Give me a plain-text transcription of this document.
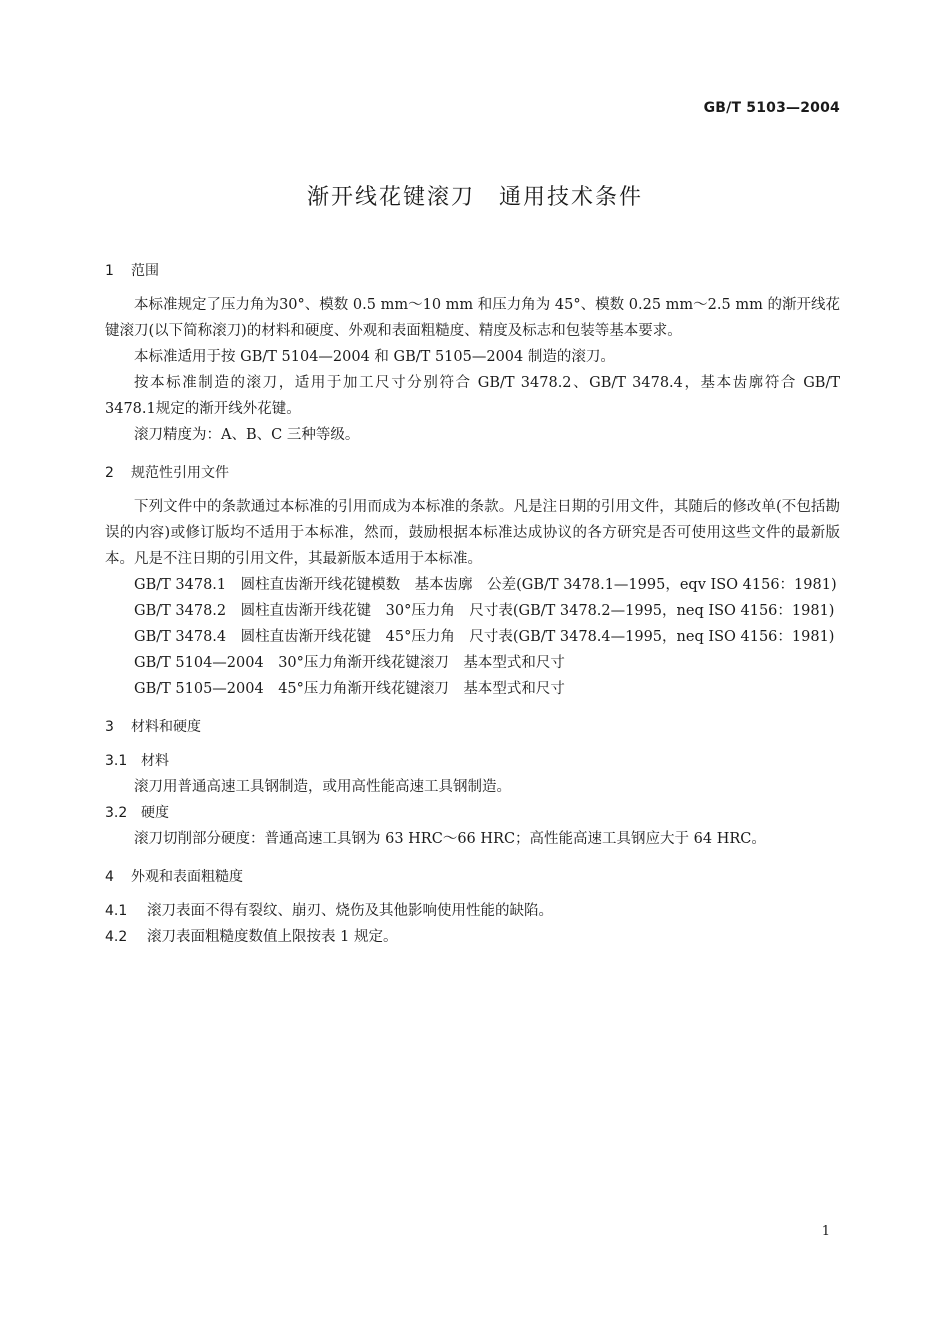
GB/T 5103—2004
渐开线花键滚刀　通用技术条件
1 范围

本标准规定了压力角为30°、模数 0.5 mm～10 mm 和压力角为 45°、模数 0.25 mm～2.5 mm 的渐开线花键滚刀(以下简称滚刀)的材料和硬度、外观和表面粗糙度、精度及标志和包装等基本要求。

本标准适用于按 GB/T 5104—2004 和 GB/T 5105—2004 制造的滚刀。

按本标准制造的滚刀，适用于加工尺寸分别符合 GB/T 3478.2、GB/T 3478.4，基本齿廓符合 GB/T 3478.1规定的渐开线外花键。

滚刀精度为：A、B、C 三种等级。

2 规范性引用文件

下列文件中的条款通过本标准的引用而成为本标准的条款。凡是注日期的引用文件，其随后的修改单(不包括勘误的内容)或修订版均不适用于本标准，然而，鼓励根据本标准达成协议的各方研究是否可使用这些文件的最新版本。凡是不注日期的引用文件，其最新版本适用于本标准。

GB/T 3478.1　圆柱直齿渐开线花键模数　基本齿廓　公差(GB/T 3478.1—1995，eqv ISO 4156：1981)

GB/T 3478.2　圆柱直齿渐开线花键　30°压力角　尺寸表(GB/T 3478.2—1995，neq ISO 4156：1981)

GB/T 3478.4　圆柱直齿渐开线花键　45°压力角　尺寸表(GB/T 3478.4—1995，neq ISO 4156：1981)

GB/T 5104—2004　30°压力角渐开线花键滚刀　基本型式和尺寸

GB/T 5105—2004　45°压力角渐开线花键滚刀　基本型式和尺寸

3 材料和硬度
3.1 材料

滚刀用普通高速工具钢制造，或用高性能高速工具钢制造。

3.2 硬度

滚刀切削部分硬度：普通高速工具钢为 63 HRC～66 HRC；高性能高速工具钢应大于 64 HRC。

4 外观和表面粗糙度
4.1 滚刀表面不得有裂纹、崩刃、烧伤及其他影响使用性能的缺陷。
4.2 滚刀表面粗糙度数值上限按表 1 规定。
1
